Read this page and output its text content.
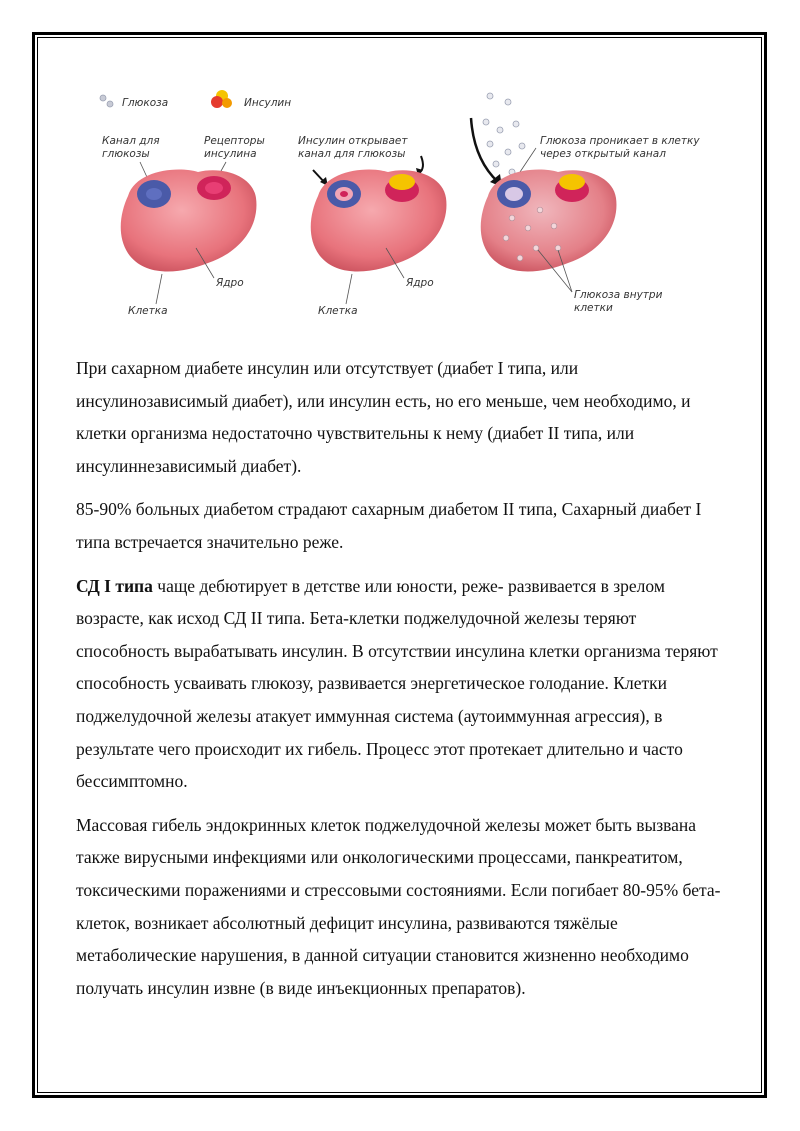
Глюкоза	Инсулин
Канал для
глюкозы
Рецепторы
инсулина
Ядро
Клетка
Инсулин открывает
канал для глюкозы
Ядро
Клетка
Глюкоза проникает в клетку
через открытый канал
Глюкоза внутри
клетки

При сахарном диабете инсулин или отсутствует (диабет I типа, или инсулинозависимый диабет), или инсулин есть, но его меньше, чем необходимо, и клетки организма недостаточно чувствительны к нему (диабет II типа, или инсулиннезависимый диабет).

85-90% больных диабетом страдают сахарным диабетом II типа, Сахарный диабет I типа встречается значительно реже.

СД I типа чаще дебютирует в детстве или юности, реже- развивается в зрелом возрасте, как исход СД II типа. Бета-клетки поджелудочной железы теряют способность вырабатывать инсулин. В отсутствии инсулина клетки организма теряют способность усваивать глюкозу, развивается энергетическое голодание. Клетки поджелудочной железы атакует иммунная система (аутоиммунная агрессия), в результате чего происходит их гибель. Процесс этот протекает длительно и часто бессимптомно.

Массовая гибель эндокринных клеток поджелудочной железы может быть вызвана также вирусными инфекциями или онкологическими процессами, панкреатитом, токсическими поражениями и стрессовыми состояниями. Если погибает 80-95% бета-клеток, возникает абсолютный дефицит инсулина, развиваются тяжёлые метаболические нарушения, в данной ситуации становится жизненно необходимо получать инсулин извне (в виде инъекционных препаратов).
